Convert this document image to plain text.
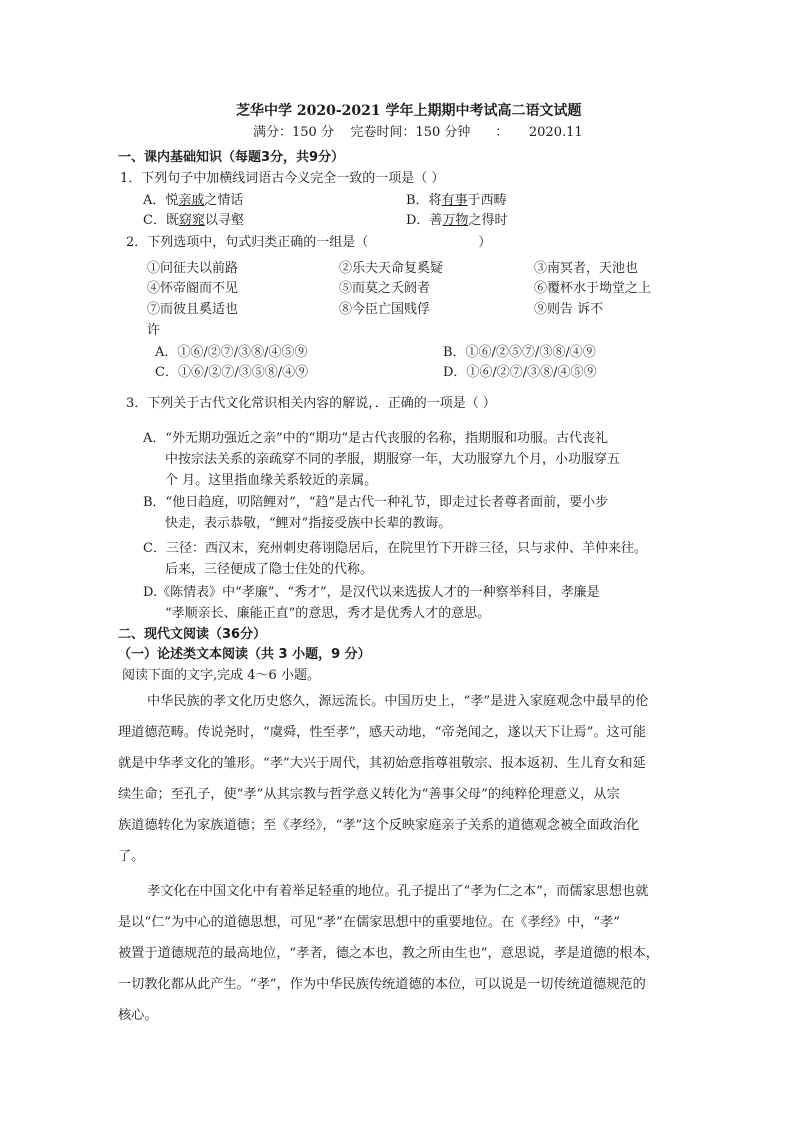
芝华中学 2020-2021 学年上期期中考试高二语文试题
满分：150 分    完卷时间：150 分钟      ：     2020.11
一、课内基础知识（每题3分，共9分）
1．下列句子中加横线词语古今义完全一致的一项是（ ）
A．悦亲戚之情话	B．将有事于西畴
C．既窈窕以寻壑	D．善万物之得时
2．下列选项中，句式归类正确的一组是（	）
①问征夫以前路	②乐夫天命复奚疑	③南冥者，天池也
④怀帝阍而不见	⑤而莫之夭阏者	⑥覆杯水于坳堂之上
⑦而彼且奚适也	⑧今臣亡国贱俘	⑨则告 诉不
许
A．①⑥/②⑦/③⑧/④⑤⑨	B．①⑥/②⑤⑦/③⑧/④⑨
C．①⑥/②⑦/③⑤⑧/④⑨	D．①⑥/②⑦/③⑧/④⑤⑨
3．下列关于古代文化常识相关内容的解说，．正确的一项是（ ）
A．“外无期功强近之亲”中的“期功”是古代丧服的名称，指期服和功服。古代丧礼
中按宗法关系的亲疏穿不同的孝服，期服穿一年，大功服穿九个月，小功服穿五
个 月。这里指血缘关系较近的亲属。
B．“他日趋庭，叨陪鲤对”，“趋”是古代一种礼节，即走过长者尊者面前，要小步
快走，表示恭敬，“鲤对”指接受族中长辈的教诲。
C．三径：西汉末，兖州刺史蒋诩隐居后，在院里竹下开辟三径，只与求仲、羊仲来往。
后来，三径便成了隐士住处的代称。
D.《陈情表》中“孝廉”、“秀才”，是汉代以来选拔人才的一种察举科目，孝廉是
“孝顺亲长、廉能正直”的意思，秀才是优秀人才的意思。
二、现代文阅读（36分）
（一）论述类文本阅读（共 3 小题，9 分）
阅读下面的文字,完成 4～6 小题。
中华民族的孝文化历史悠久，源远流长。中国历史上，“孝”是进入家庭观念中最早的伦
理道德范畴。传说尧时，“虞舜，性至孝”，感天动地，“帝尧闻之，遂以天下让焉”。这可能
就是中华孝文化的雏形。“孝”大兴于周代，其初始意指尊祖敬宗、报本返初、生儿育女和延
续生命；至孔子，使“孝”从其宗教与哲学意义转化为“善事父母”的纯粹伦理意义，从宗
族道德转化为家族道德；至《孝经》，“孝”这个反映家庭亲子关系的道德观念被全面政治化
了。
孝文化在中国文化中有着举足轻重的地位。孔子提出了“孝为仁之本”，而儒家思想也就
是以“仁”为中心的道德思想，可见“孝”在儒家思想中的重要地位。在《孝经》中，“孝”
被置于道德规范的最高地位，“孝者，德之本也，教之所由生也”，意思说，孝是道德的根本，
一切教化都从此产生。“孝”，作为中华民族传统道德的本位，可以说是一切传统道德规范的
核心。
